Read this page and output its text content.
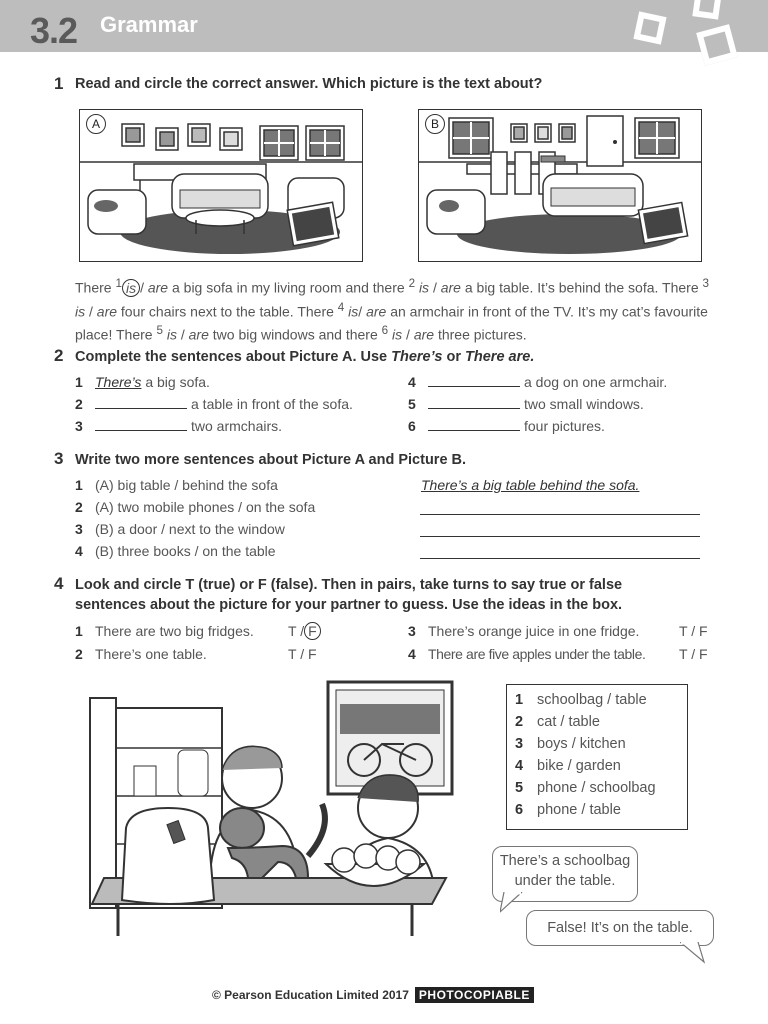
3.2 Grammar
1 Read and circle the correct answer. Which picture is the text about?
A	B
There $^1$ is / are a big sofa in my living room and there $^2$ is / are a big table. It’s behind the sofa. There $^3$ is / are four chairs next to the table. There $^4$ is/ are an armchair in front of the TV. It’s my cat’s favourite place! There $^5$ is / are two big windows and there $^6$ is / are three pictures.
2 Complete the sentences about Picture A. Use There’s or There are.
1 There’s a big sofa.
2	a table in front of the sofa.
3	two armchairs.
4	a dog on one armchair.
5	two small windows.
6	four pictures.
3 Write two more sentences about Picture A and Picture B.
1 (A) big table / behind the sofa
2 (A) two mobile phones / on the sofa
3 (B) a door / next to the window
4 (B) three books / on the table
There’s a big table behind the sofa.
4 Look and circle T (true) or F (false). Then in pairs, take turns to say true or false
sentences about the picture for your partner to guess. Use the ideas in the box.
1 There are two big fridges. T / F
2 There’s one table.	T / F
3 There’s orange juice in one fridge.	T / F
4 There are five apples under the table. T / F
1 schoolbag / table
2 cat / table
3 boys / kitchen
4 bike / garden
5 phone / schoolbag
6 phone / table
There’s a schoolbag
under the table.
False! It’s on the table.
© Pearson Education Limited 2017 PHOTOCOPIABLE
